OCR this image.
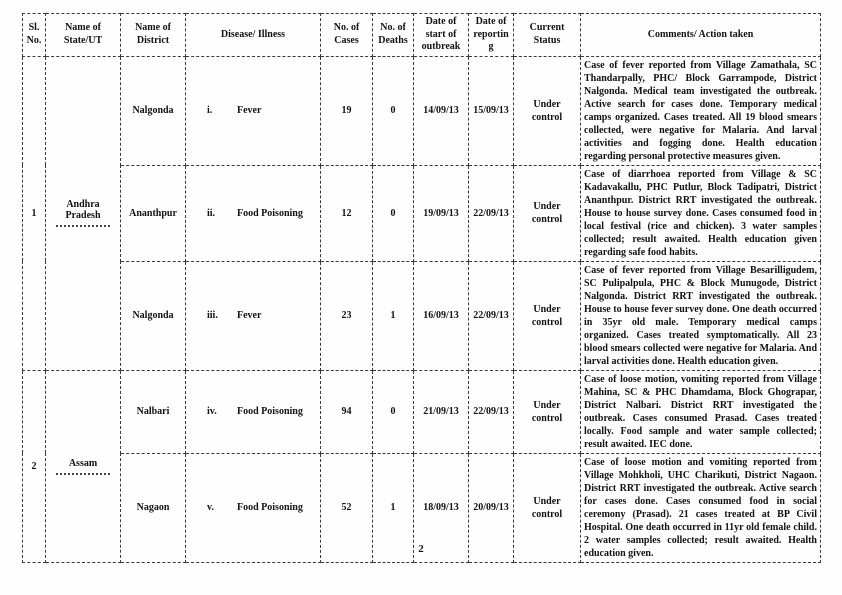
Sl. No.	Name of State/UT	Name of District	Disease/ Illness	No. of Cases	No. of Deaths	Date of start of outbreak	Date of reporting	Current Status	Comments/ Action taken
1	Andhra Pradesh	Nalgonda	i. Fever	19	0	14/09/13	15/09/13	Under control	Case of fever reported from Village Zamathala, SC Thandarpally, PHC/ Block Garrampode, District Nalgonda. Medical team investigated the outbreak. Active search for cases done. Temporary medical camps organized. Cases treated. All 19 blood smears collected, were negative for Malaria. And larval activities and fogging done. Health education regarding personal protective measures given.
		Ananthpur	ii. Food Poisoning	12	0	19/09/13	22/09/13	Under control	Case of diarrhoea reported from Village & SC Kadavakallu, PHC Putlur, Block Tadipatri, District Ananthpur. District RRT investigated the outbreak. House to house survey done. Cases consumed food in local festival (rice and chicken). 3 water samples collected; result awaited. Health education given regarding safe food habits.
		Nalgonda	iii. Fever	23	1	16/09/13	22/09/13	Under control	Case of fever reported from Village Besarilligudem, SC Pulipalpula, PHC & Block Munugode, District Nalgonda. District RRT investigated the outbreak. House to house fever survey done. One death occurred in 35yr old male. Temporary medical camps organized. Cases treated symptomatically. All 23 blood smears collected were negative for Malaria. And larval activities done. Health education given.
2	Assam	Nalbari	iv. Food Poisoning	94	0	21/09/13	22/09/13	Under control	Case of loose motion, vomiting reported from Village Mahina, SC & PHC Dhamdama, Block Ghograpar, District Nalbari. District RRT investigated the outbreak. Cases consumed Prasad. Cases treated locally. Food sample and water sample collected; result awaited. IEC done.
		Nagaon	v. Food Poisoning	52	1	18/09/13	20/09/13	Under control	Case of loose motion and vomiting reported from Village Mohkholi, UHC Charikuti, District Nagaon. District RRT investigated the outbreak. Active search for cases done. Cases consumed food in social ceremony (Prasad). 21 cases treated at BP Civil Hospital. One death occurred in 11yr old female child. 2 water samples collected; result awaited. Health education given.
2
